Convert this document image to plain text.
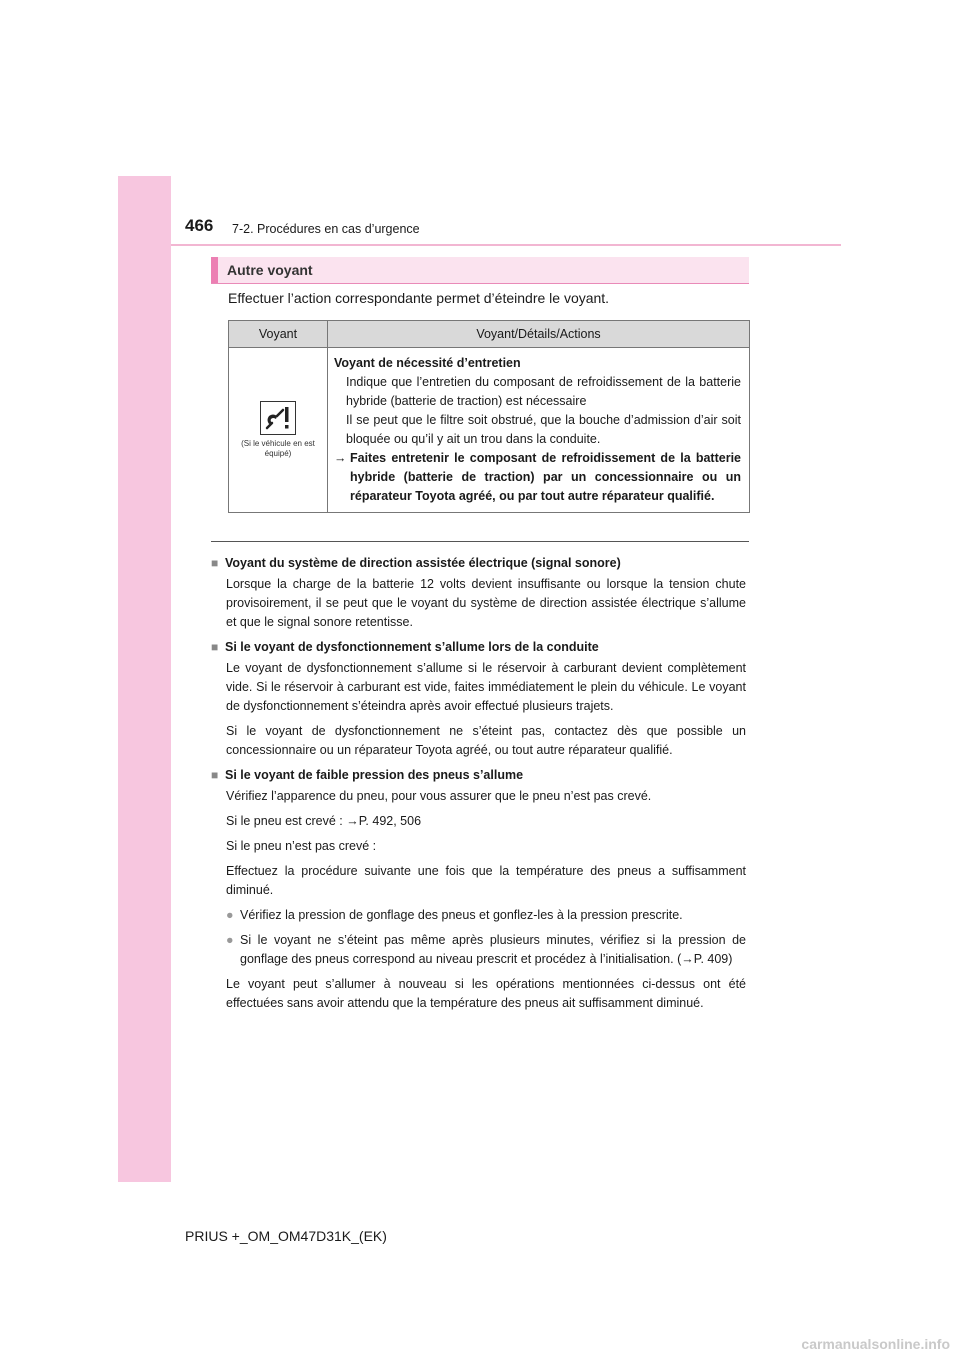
466 7-2. Procédures en cas d’urgence
Autre voyant
Effectuer l’action correspondante permet d’éteindre le voyant.
Voyant	Voyant/Détails/Actions

(Si le véhicule en est équipé)	Voyant de nécessité d’entretien
Indique que l’entretien du composant de refroidissement de la batterie hybride (batterie de traction) est nécessaire
Il se peut que le filtre soit obstrué, que la bouche d’admission d’air soit bloquée ou qu’il y ait un trou dans la conduite.
→ Faites entretenir le composant de refroidissement de la batterie hybride (batterie de traction) par un concessionnaire ou un réparateur Toyota agréé, ou par tout autre réparateur qualifié.
■ Voyant du système de direction assistée électrique (signal sonore)

Lorsque la charge de la batterie 12 volts devient insuffisante ou lorsque la tension chute provisoirement, il se peut que le voyant du système de direction assistée électrique s’allume et que le signal sonore retentisse.

■ Si le voyant de dysfonctionnement s’allume lors de la conduite

Le voyant de dysfonctionnement s’allume si le réservoir à carburant devient complètement vide. Si le réservoir à carburant est vide, faites immédiatement le plein du véhicule. Le voyant de dysfonctionnement s’éteindra après avoir effectué plusieurs trajets.

Si le voyant de dysfonctionnement ne s’éteint pas, contactez dès que possible un concessionnaire ou un réparateur Toyota agréé, ou tout autre réparateur qualifié.

■ Si le voyant de faible pression des pneus s’allume

Vérifiez l’apparence du pneu, pour vous assurer que le pneu n’est pas crevé.

Si le pneu est crevé : →P. 492, 506

Si le pneu n’est pas crevé :

Effectuez la procédure suivante une fois que la température des pneus a suffisamment diminué.

● Vérifiez la pression de gonflage des pneus et gonflez-les à la pression prescrite.
● Si le voyant ne s’éteint pas même après plusieurs minutes, vérifiez si la pression de gonflage des pneus correspond au niveau prescrit et procédez à l’initialisation. (→P. 409)

Le voyant peut s’allumer à nouveau si les opérations mentionnées ci-dessus ont été effectuées sans avoir attendu que la température des pneus ait suffisamment diminué.

PRIUS +_OM_OM47D31K_(EK)
carmanualsonline.info
